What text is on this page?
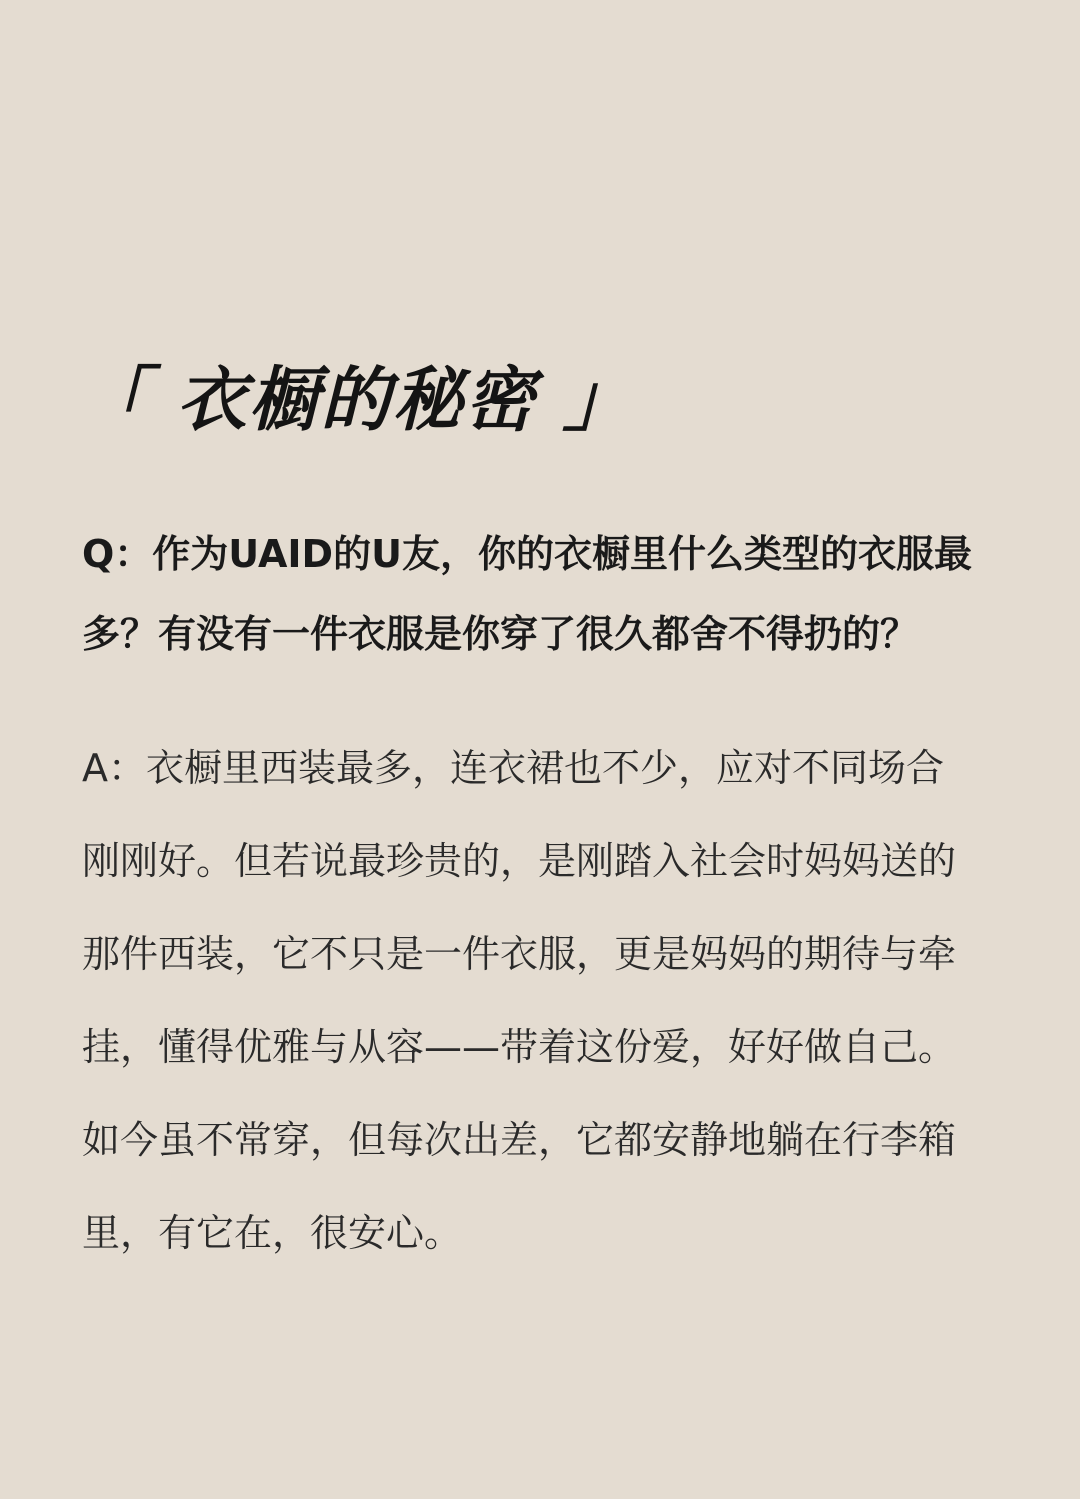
「 衣橱的秘密 」
Q：作为UAID的U友，你的衣橱里什么类型的衣服最
多？有没有一件衣服是你穿了很久都舍不得扔的？
A：衣橱里西装最多，连衣裙也不少，应对不同场合
刚刚好。但若说最珍贵的，是刚踏入社会时妈妈送的
那件西装，它不只是一件衣服，更是妈妈的期待与牵
挂，懂得优雅与从容——带着这份爱，好好做自己。
如今虽不常穿，但每次出差，它都安静地躺在行李箱
里，有它在，很安心。
